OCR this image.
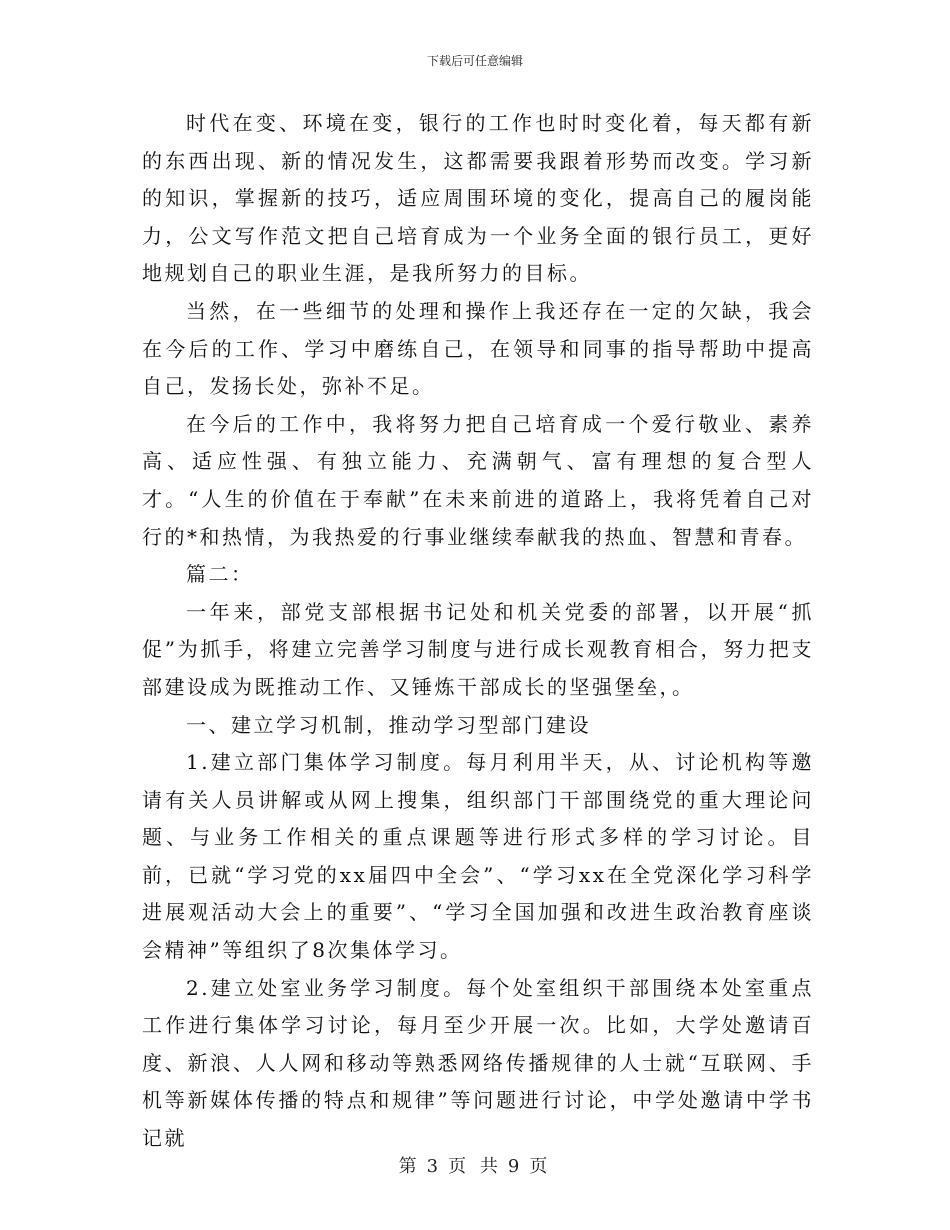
下载后可任意编辑

时代在变、环境在变，银行的工作也时时变化着，每天都有新的东西出现、新的情况发生，这都需要我跟着形势而改变。学习新的知识，掌握新的技巧，适应周围环境的变化，提高自己的履岗能力，公文写作范文把自己培育成为一个业务全面的银行员工，更好地规划自己的职业生涯，是我所努力的目标。

当然，在一些细节的处理和操作上我还存在一定的欠缺，我会在今后的工作、学习中磨练自己，在领导和同事的指导帮助中提高自己，发扬长处，弥补不足。

在今后的工作中，我将努力把自己培育成一个爱行敬业、素养高、适应性强、有独立能力、充满朝气、富有理想的复合型人才。“人生的价值在于奉献”在未来前进的道路上，我将凭着自己对行的*和热情，为我热爱的行事业继续奉献我的热血、智慧和青春。

篇二：

一年来，部党支部根据书记处和机关党委的部署，以开展“抓促”为抓手，将建立完善学习制度与进行成长观教育相合，努力把支部建设成为既推动工作、又锤炼干部成长的坚强堡垒，。

一、建立学习机制，推动学习型部门建设

1.建立部门集体学习制度。每月利用半天，从、讨论机构等邀请有关人员讲解或从网上搜集，组织部门干部围绕党的重大理论问题、与业务工作相关的重点课题等进行形式多样的学习讨论。目前，已就“学习党的xx届四中全会”、“学习xx在全党深化学习科学进展观活动大会上的重要”、“学习全国加强和改进生政治教育座谈会精神”等组织了8次集体学习。

2.建立处室业务学习制度。每个处室组织干部围绕本处室重点工作进行集体学习讨论，每月至少开展一次。比如，大学处邀请百度、新浪、人人网和移动等熟悉网络传播规律的人士就“互联网、手机等新媒体传播的特点和规律”等问题进行讨论，中学处邀请中学书记就

第 3 页 共 9 页
